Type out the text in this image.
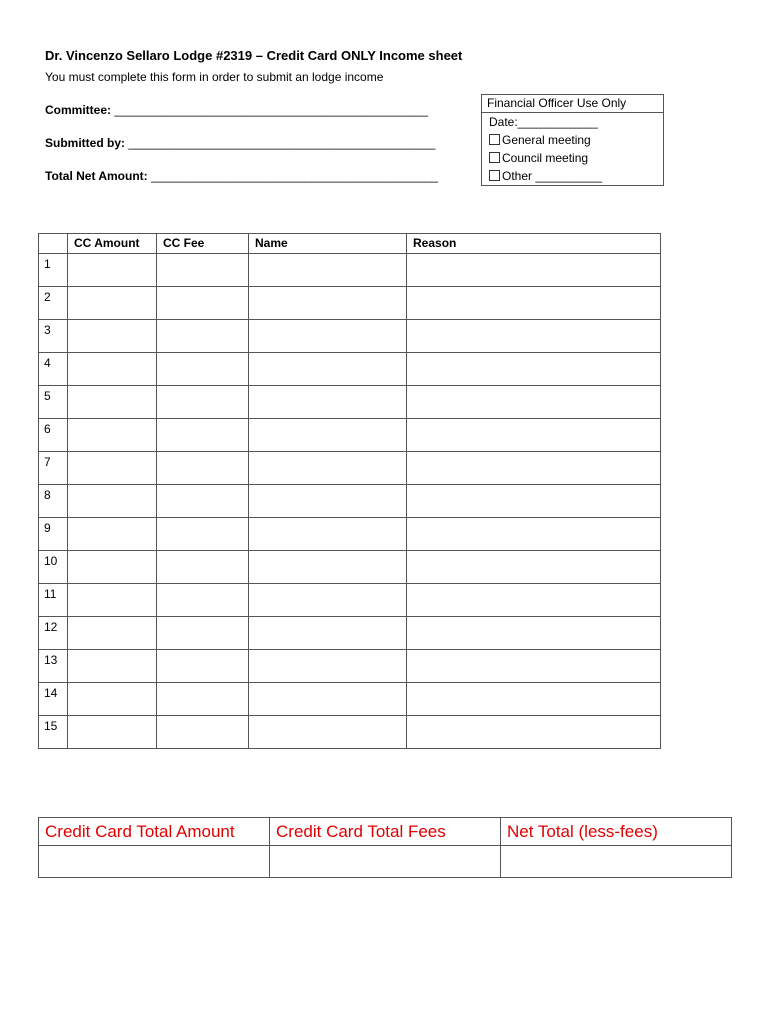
Dr. Vincenzo Sellaro Lodge #2319 – Credit Card ONLY Income sheet
You must complete this form in order to submit an lodge income
Committee: _______________________________________________
Submitted by: ______________________________________________
Total Net Amount: ___________________________________________
Financial Officer Use Only
Date:____________
General meeting
Council meeting
Other __________
	CC Amount	CC Fee	Name	Reason
1				
2				
3				
4				
5				
6				
7				
8				
9				
10				
11				
12				
13				
14				
15				
Credit Card Total Amount	Credit Card Total Fees	Net Total (less-fees)
